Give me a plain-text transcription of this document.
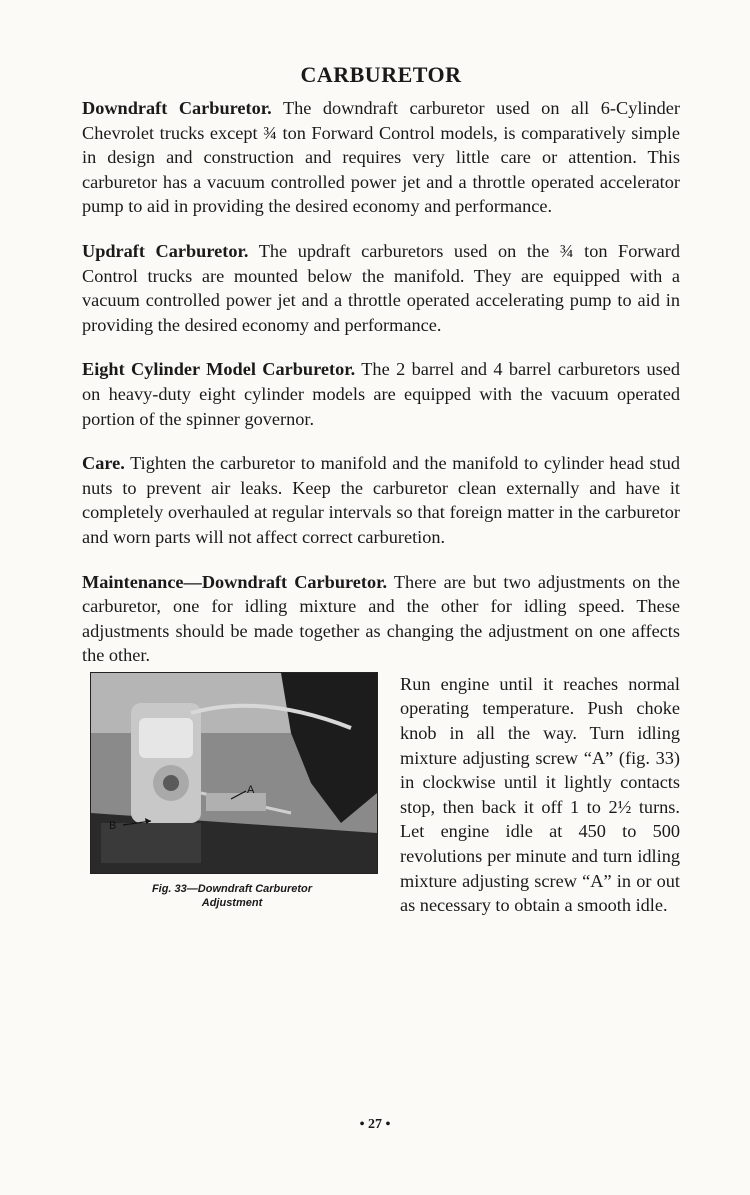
CARBURETOR

Downdraft Carburetor. The downdraft carburetor used on all 6-Cylinder Chevrolet trucks except ¾ ton Forward Control models, is comparatively simple in design and construction and requires very little care or attention. This carburetor has a vacuum controlled power jet and a throttle operated accelerator pump to aid in providing the desired economy and performance.

Updraft Carburetor. The updraft carburetors used on the ¾ ton Forward Control trucks are mounted below the manifold. They are equipped with a vacuum controlled power jet and a throttle operated accelerating pump to aid in providing the desired economy and performance.

Eight Cylinder Model Carburetor. The 2 barrel and 4 barrel carburetors used on heavy-duty eight cylinder models are equipped with the vacuum operated portion of the spinner governor.

Care. Tighten the carburetor to manifold and the manifold to cylinder head stud nuts to prevent air leaks. Keep the carburetor clean externally and have it completely overhauled at regular intervals so that foreign matter in the carburetor and worn parts will not affect correct carburetion.

Maintenance—Downdraft Carburetor. There are but two adjustments on the carburetor, one for idling mixture and the other for idling speed. These adjustments should be made together as changing the adjustment on one affects the other.

B
A
Fig. 33—Downdraft Carburetor
Adjustment

Run engine until it reaches normal operating temperature. Push choke knob in all the way. Turn idling mixture adjusting screw “A” (fig. 33) in clockwise until it lightly contacts stop, then back it off 1 to 2½ turns. Let engine idle at 450 to 500 revolutions per minute and turn idling mixture adjusting screw “A” in or out as necessary to obtain a smooth idle.

• 27 •
